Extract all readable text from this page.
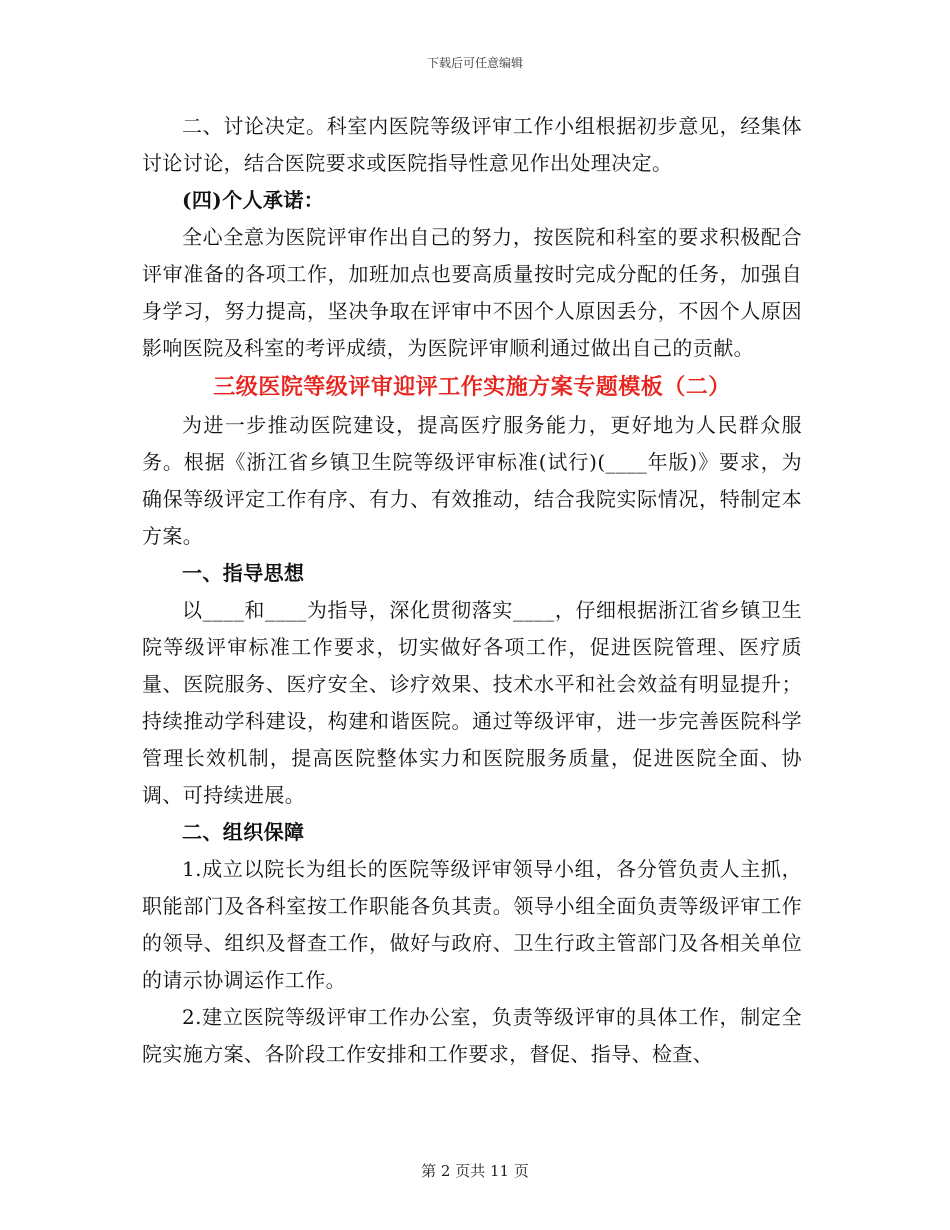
下载后可任意编辑

二、讨论决定。科室内医院等级评审工作小组根据初步意见，经集体讨论讨论，结合医院要求或医院指导性意见作出处理决定。

(四)个人承诺：

全心全意为医院评审作出自己的努力，按医院和科室的要求积极配合评审准备的各项工作，加班加点也要高质量按时完成分配的任务，加强自身学习，努力提高，坚决争取在评审中不因个人原因丢分，不因个人原因影响医院及科室的考评成绩，为医院评审顺利通过做出自己的贡献。

三级医院等级评审迎评工作实施方案专题模板（二）

为进一步推动医院建设，提高医疗服务能力，更好地为人民群众服务。根据《浙江省乡镇卫生院等级评审标准(试行)(____年版)》要求，为确保等级评定工作有序、有力、有效推动，结合我院实际情况，特制定本方案。

一、指导思想

以____和____为指导，深化贯彻落实____，仔细根据浙江省乡镇卫生院等级评审标准工作要求，切实做好各项工作，促进医院管理、医疗质量、医院服务、医疗安全、诊疗效果、技术水平和社会效益有明显提升；持续推动学科建设，构建和谐医院。通过等级评审，进一步完善医院科学管理长效机制，提高医院整体实力和医院服务质量，促进医院全面、协调、可持续进展。

二、组织保障

1.成立以院长为组长的医院等级评审领导小组，各分管负责人主抓，职能部门及各科室按工作职能各负其责。领导小组全面负责等级评审工作的领导、组织及督查工作，做好与政府、卫生行政主管部门及各相关单位的请示协调运作工作。

2.建立医院等级评审工作办公室，负责等级评审的具体工作，制定全院实施方案、各阶段工作安排和工作要求，督促、指导、检查、

第 2 页共 11 页
